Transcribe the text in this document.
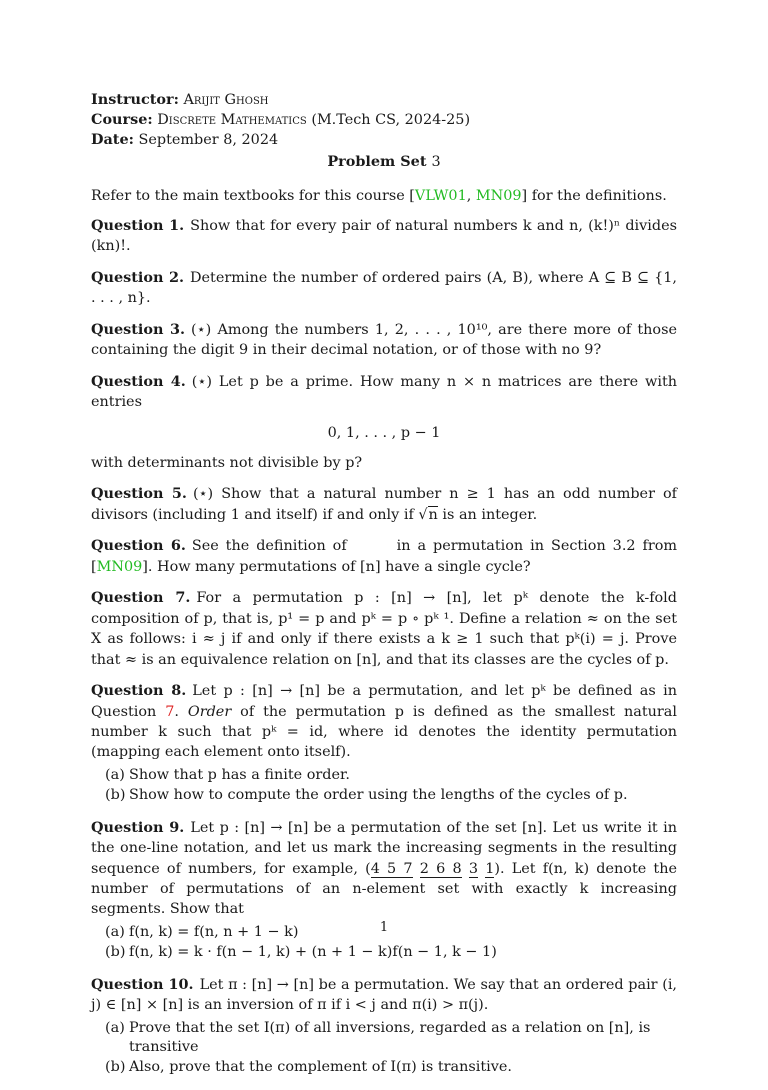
Instructor: Arijit Ghosh
Course: Discrete Mathematics (M.Tech CS, 2024-25)
Date: September 8, 2024
Problem Set 3

Refer to the main textbooks for this course [VLW01, MN09] for the definitions.

Question 1. Show that for every pair of natural numbers k and n, (k!)ⁿ divides (kn)!.
Question 2. Determine the number of ordered pairs (A, B), where A ⊆ B ⊆ {1, . . . , n}.
Question 3. (⋆) Among the numbers 1, 2, . . . , 10¹⁰, are there more of those containing the digit 9 in their decimal notation, or of those with no 9?
Question 4. (⋆) Let p be a prime. How many n × n matrices are there with entries
0, 1, . . . , p − 1
with determinants not divisible by p?
Question 5. (⋆) Show that a natural number n ≥ 1 has an odd number of divisors (including 1 and itself) if and only if √n is an integer.
Question 6. See the definition of	in a permutation in Section 3.2 from [MN09]. How many permutations of [n] have a single cycle?
Question 7. For a permutation p : [n] → [n], let pᵏ denote the k-fold composition of p, that is, p¹ = p and pᵏ = p ∘ pᵏ ¹. Define a relation ≈ on the set X as follows: i ≈ j if and only if there exists a k ≥ 1 such that pᵏ(i) = j. Prove that ≈ is an equivalence relation on [n], and that its classes are the cycles of p.
Question 8. Let p : [n] → [n] be a permutation, and let pᵏ be defined as in Question 7. Order of the permutation p is defined as the smallest natural number k such that pᵏ = id, where id denotes the identity permutation (mapping each element onto itself).
(a) Show that p has a finite order.
(b) Show how to compute the order using the lengths of the cycles of p.
Question 9. Let p : [n] → [n] be a permutation of the set [n]. Let us write it in the one-line notation, and let us mark the increasing segments in the resulting sequence of numbers, for example, (4 5 7 2 6 8 3 1). Let f(n, k) denote the number of permutations of an n-element set with exactly k increasing segments. Show that
(a) f(n, k) = f(n, n + 1 − k)
(b) f(n, k) = k · f(n − 1, k) + (n + 1 − k)f(n − 1, k − 1)
Question 10. Let π : [n] → [n] be a permutation. We say that an ordered pair (i, j) ∈ [n] × [n] is an inversion of π if i < j and π(i) > π(j).
(a) Prove that the set I(π) of all inversions, regarded as a relation on [n], is transitive
(b) Also, prove that the complement of I(π) is transitive.
1
